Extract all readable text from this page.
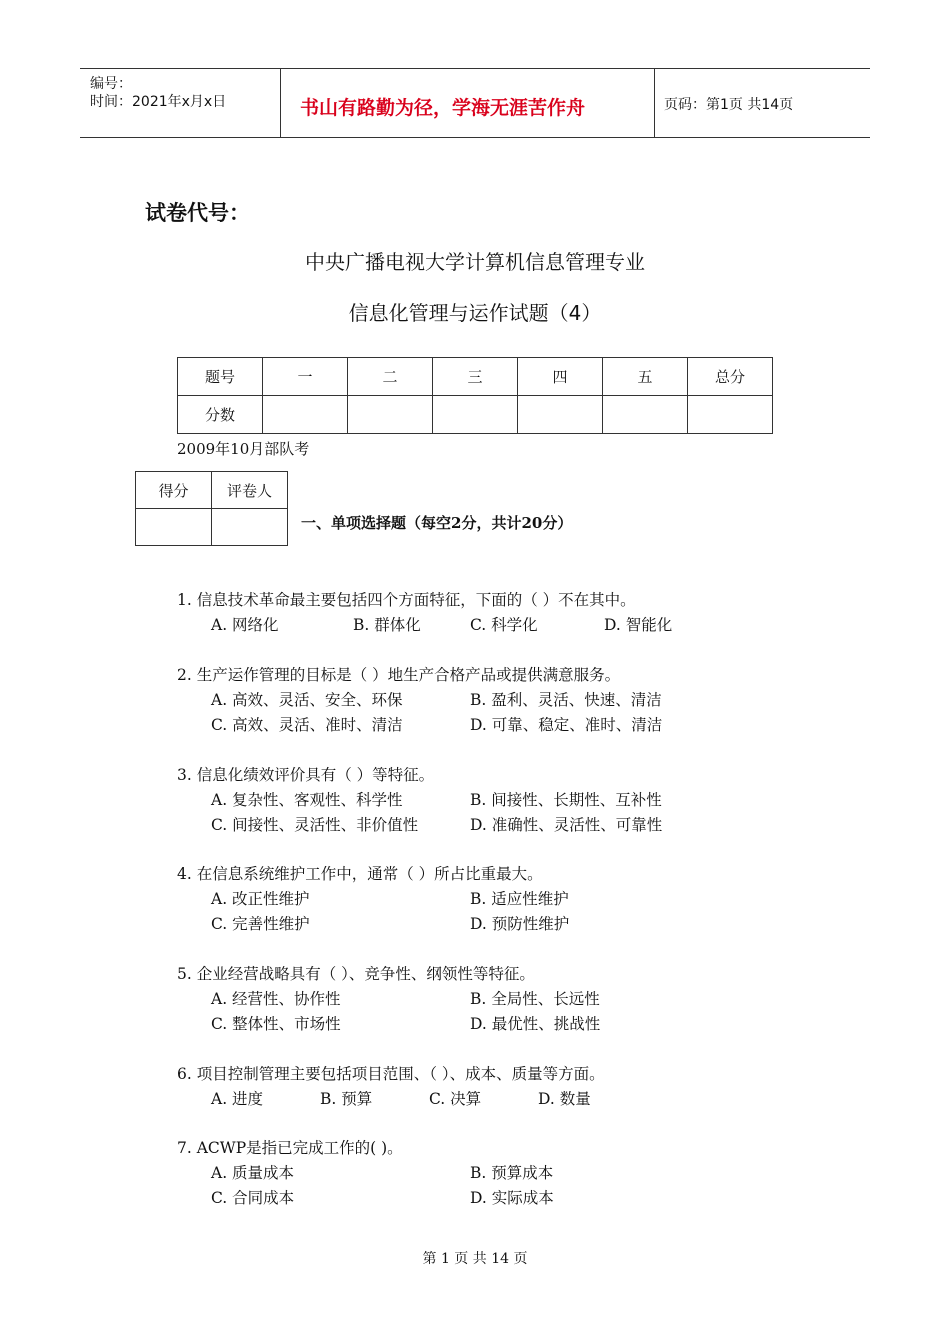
编号：
时间：2021年x月x日	书山有路勤为径，学海无涯苦作舟	页码：第1页 共14页
试卷代号：
中央广播电视大学计算机信息管理专业
信息化管理与运作试题（4）
题号	一	二	三	四	五	总分
分数						
2009年10月部队考
得分	评卷人

一、单项选择题（每空2分，共计20分）
1. 信息技术革命最主要包括四个方面特征，下面的（ ）不在其中。
A. 网络化	B. 群体化	C. 科学化	D. 智能化
2. 生产运作管理的目标是（ ）地生产合格产品或提供满意服务。
A. 高效、灵活、安全、环保	B. 盈利、灵活、快速、清洁
C. 高效、灵活、准时、清洁	D. 可靠、稳定、准时、清洁
3. 信息化绩效评价具有（ ）等特征。
A. 复杂性、客观性、科学性	B. 间接性、长期性、互补性
C. 间接性、灵活性、非价值性	D. 准确性、灵活性、可靠性
4. 在信息系统维护工作中，通常（ ）所占比重最大。
A. 改正性维护	B. 适应性维护
C. 完善性维护	D. 预防性维护
5. 企业经营战略具有（ ）、竞争性、纲领性等特征。
A. 经营性、协作性	B. 全局性、长远性
C. 整体性、市场性	D. 最优性、挑战性
6. 项目控制管理主要包括项目范围、（ ）、成本、质量等方面。
A. 进度	B. 预算	C. 决算	D. 数量
7. ACWP是指已完成工作的( )。
A. 质量成本	B. 预算成本
C. 合同成本	D. 实际成本
第 1 页 共 14 页
